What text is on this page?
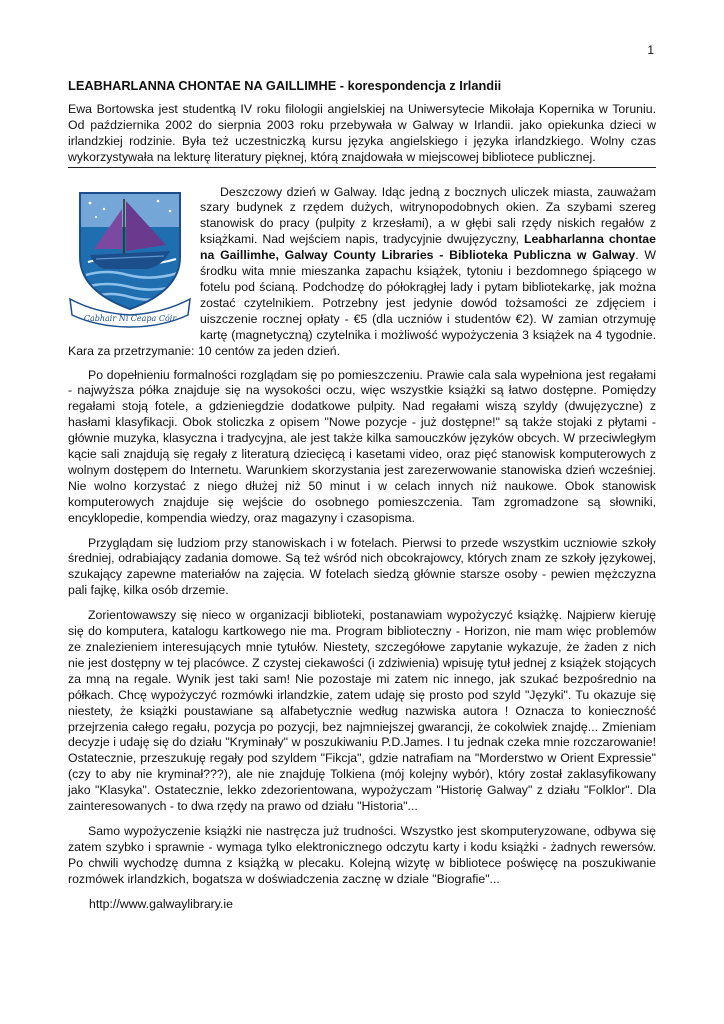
1
LEABHARLANNA CHONTAE NA GAILLIMHE - korespondencja z Irlandii

Ewa Bortowska jest studentką IV roku filologii angielskiej na Uniwersytecie Mikołaja Kopernika w Toruniu. Od października 2002 do sierpnia 2003 roku przebywała w Galway w Irlandii. jako opiekunka dzieci w irlandzkiej rodzinie. Była też uczestniczką kursu języka angielskiego i języka irlandzkiego. Wolny czas wykorzystywała na lekturę literatury pięknej, którą znajdowała w miejscowej bibliotece publicznej.

Cabhair Ní Ceapa Cóir

Deszczowy dzień w Galway. Idąc jedną z bocznych uliczek miasta, zauważam szary budynek z rzędem dużych, witrynopodobnych okien. Za szybami szereg stanowisk do pracy (pulpity z krzesłami), a w głębi sali rzędy niskich regałów z książkami. Nad wejściem napis, tradycyjnie dwujęzyczny, Leabharlanna chontae na Gaillimhe, Galway County Libraries - Biblioteka Publiczna w Galway. W środku wita mnie mieszanka zapachu książek, tytoniu i bezdomnego śpiącego w fotelu pod ścianą. Podchodzę do półokrągłej lady i pytam bibliotekarkę, jak można zostać czytelnikiem. Potrzebny jest jedynie dowód tożsamości ze zdjęciem i uiszczenie rocznej opłaty - €5 (dla uczniów i studentów €2). W zamian otrzymuję kartę (magnetyczną) czytelnika i możliwość wypożyczenia 3 książek na 4 tygodnie. Kara za przetrzymanie: 10 centów za jeden dzień.

Po dopełnieniu formalności rozglądam się po pomieszczeniu. Prawie cala sala wypełniona jest regałami - najwyższa półka znajduje się na wysokości oczu, więc wszystkie książki są łatwo dostępne. Pomiędzy regałami stoją fotele, a gdzieniegdzie dodatkowe pulpity. Nad regałami wiszą szyldy (dwujęzyczne) z hasłami klasyfikacji. Obok stoliczka z opisem "Nowe pozycje - już dostępne!" są także stojaki z płytami - głównie muzyka, klasyczna i tradycyjna, ale jest także kilka samouczków języków obcych. W przeciwległym kącie sali znajdują się regały z literaturą dziecięcą i kasetami video, oraz pięć stanowisk komputerowych z wolnym dostępem do Internetu. Warunkiem skorzystania jest zarezerwowanie stanowiska dzień wcześniej. Nie wolno korzystać z niego dłużej niż 50 minut i w celach innych niż naukowe. Obok stanowisk komputerowych znajduje się wejście do osobnego pomieszczenia. Tam zgromadzone są słowniki, encyklopedie, kompendia wiedzy, oraz magazyny i czasopisma.

Przyglądam się ludziom przy stanowiskach i w fotelach. Pierwsi to przede wszystkim uczniowie szkoły średniej, odrabiający zadania domowe. Są też wśród nich obcokrajowcy, których znam ze szkoły językowej, szukający zapewne materiałów na zajęcia. W fotelach siedzą głównie starsze osoby - pewien mężczyzna pali fajkę, kilka osób drzemie.

Zorientowawszy się nieco w organizacji biblioteki, postanawiam wypożyczyć książkę. Najpierw kieruję się do komputera, katalogu kartkowego nie ma. Program biblioteczny - Horizon, nie mam więc problemów ze znalezieniem interesujących mnie tytułów. Niestety, szczegółowe zapytanie wykazuje, że żaden z nich nie jest dostępny w tej placówce. Z czystej ciekawości (i zdziwienia) wpisuję tytuł jednej z książek stojących za mną na regale. Wynik jest taki sam! Nie pozostaje mi zatem nic innego, jak szukać bezpośrednio na półkach. Chcę wypożyczyć rozmówki irlandzkie, zatem udaję się prosto pod szyld "Języki". Tu okazuje się niestety, że książki poustawiane są alfabetycznie według nazwiska autora ! Oznacza to konieczność przejrzenia całego regału, pozycja po pozycji, bez najmniejszej gwarancji, że cokolwiek znajdę... Zmieniam decyzje i udaję się do działu "Kryminały" w poszukiwaniu P.D.James. I tu jednak czeka mnie rozczarowanie! Ostatecznie, przeszukuję regały pod szyldem "Fikcja", gdzie natrafiam na "Morderstwo w Orient Expressie" (czy to aby nie kryminał???), ale nie znajduję Tolkiena (mój kolejny wybór), który został zaklasyfikowany jako "Klasyka". Ostatecznie, lekko zdezorientowana, wypożyczam "Historię Galway" z działu "Folklor". Dla zainteresowanych - to dwa rzędy na prawo od działu "Historia"...

Samo wypożyczenie książki nie nastręcza już trudności. Wszystko jest skomputeryzowane, odbywa się zatem szybko i sprawnie - wymaga tylko elektronicznego odczytu karty i kodu książki - żadnych rewersów. Po chwili wychodzę dumna z książką w plecaku. Kolejną wizytę w bibliotece poświęcę na poszukiwanie rozmówek irlandzkich, bogatsza w doświadczenia zacznę w dziale "Biografie"...

http://www.galwaylibrary.ie
